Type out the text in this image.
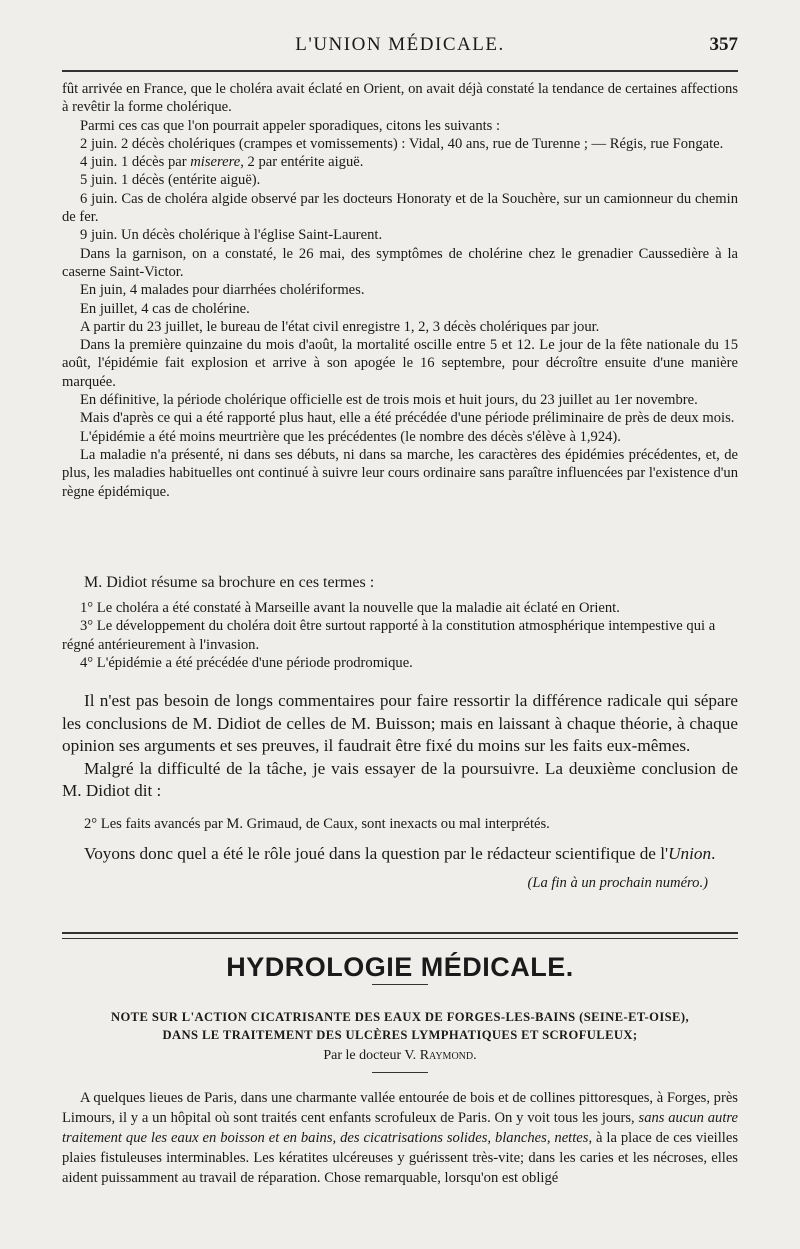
L'UNION MÉDICALE.	357

fût arrivée en France, que le choléra avait éclaté en Orient, on avait déjà constaté la tendance de certaines affections à revêtir la forme cholérique.

Parmi ces cas que l'on pourrait appeler sporadiques, citons les suivants :

2 juin. 2 décès cholériques (crampes et vomissements) : Vidal, 40 ans, rue de Turenne ; — Régis, rue Fongate.

4 juin. 1 décès par miserere, 2 par entérite aiguë.

5 juin. 1 décès (entérite aiguë).

6 juin. Cas de choléra algide observé par les docteurs Honoraty et de la Souchère, sur un camionneur du chemin de fer.

9 juin. Un décès cholérique à l'église Saint-Laurent.

Dans la garnison, on a constaté, le 26 mai, des symptômes de cholérine chez le grenadier Caussedière à la caserne Saint-Victor.

En juin, 4 malades pour diarrhées cholériformes.

En juillet, 4 cas de cholérine.

A partir du 23 juillet, le bureau de l'état civil enregistre 1, 2, 3 décès cholériques par jour.

Dans la première quinzaine du mois d'août, la mortalité oscille entre 5 et 12. Le jour de la fête nationale du 15 août, l'épidémie fait explosion et arrive à son apogée le 16 septembre, pour décroître ensuite d'une manière marquée.

En définitive, la période cholérique officielle est de trois mois et huit jours, du 23 juillet au 1er novembre.

Mais d'après ce qui a été rapporté plus haut, elle a été précédée d'une période préliminaire de près de deux mois.

L'épidémie a été moins meurtrière que les précédentes (le nombre des décès s'élève à 1,924).

La maladie n'a présenté, ni dans ses débuts, ni dans sa marche, les caractères des épidémies précédentes, et, de plus, les maladies habituelles ont continué à suivre leur cours ordinaire sans paraître influencées par l'existence d'un règne épidémique.

M. Didiot résume sa brochure en ces termes :

1° Le choléra a été constaté à Marseille avant la nouvelle que la maladie ait éclaté en Orient.

3° Le développement du choléra doit être surtout rapporté à la constitution atmosphérique intempestive qui a régné antérieurement à l'invasion.

4° L'épidémie a été précédée d'une période prodromique.

Il n'est pas besoin de longs commentaires pour faire ressortir la différence radicale qui sépare les conclusions de M. Didiot de celles de M. Buisson; mais en laissant à chaque théorie, à chaque opinion ses arguments et ses preuves, il faudrait être fixé du moins sur les faits eux-mêmes.

Malgré la difficulté de la tâche, je vais essayer de la poursuivre. La deuxième conclusion de M. Didiot dit :

2° Les faits avancés par M. Grimaud, de Caux, sont inexacts ou mal interprétés.

Voyons donc quel a été le rôle joué dans la question par le rédacteur scientifique de l'Union.

(La fin à un prochain numéro.)
HYDROLOGIE MÉDICALE.
NOTE SUR L'ACTION CICATRISANTE DES EAUX DE FORGES-LES-BAINS (SEINE-ET-OISE),
DANS LE TRAITEMENT DES ULCÈRES LYMPHATIQUES ET SCROFULEUX;
Par le docteur V. Raymond.

A quelques lieues de Paris, dans une charmante vallée entourée de bois et de collines pittoresques, à Forges, près Limours, il y a un hôpital où sont traités cent enfants scrofuleux de Paris. On y voit tous les jours, sans aucun autre traitement que les eaux en boisson et en bains, des cicatrisations solides, blanches, nettes, à la place de ces vieilles plaies fistuleuses interminables. Les kératites ulcéreuses y guérissent très-vite; dans les caries et les nécroses, elles aident puissamment au travail de réparation. Chose remarquable, lorsqu'on est obligé
